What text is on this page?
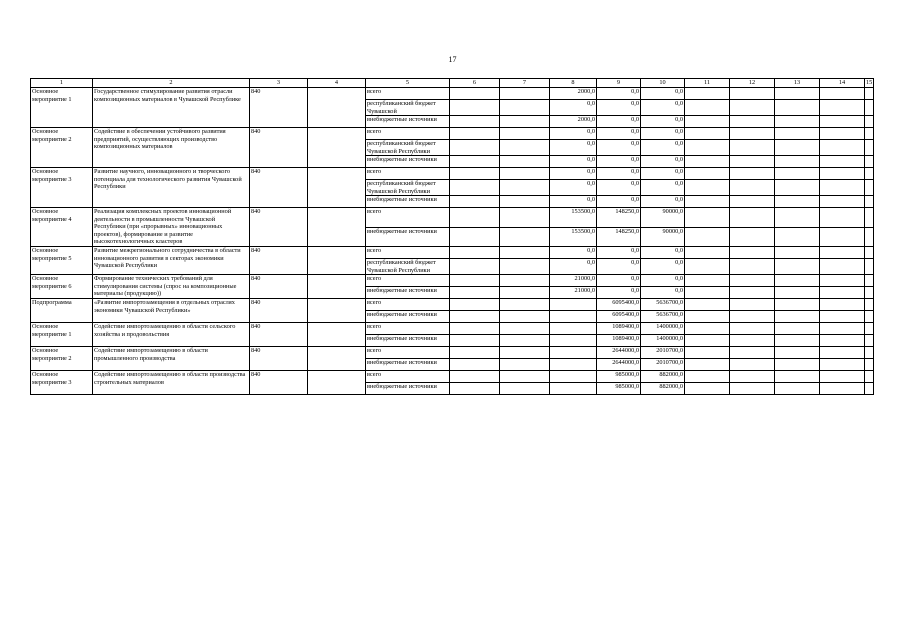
17
1	2	3	4	5	6	7	8	9	10	11	12	13	14	15
Основное мероприятие 1	Государственное стимулирование развития отрасли композиционных материалов в Чувашской Республике	840		всего			2000,0	0,0	0,0					
				республиканский бюджет Чувашской			0,0	0,0	0,0					
				внебюджетные источники			2000,0	0,0	0,0					
Основное мероприятие 2	Содействие в обеспечении устойчивого развития предприятий, осуществляющих производство композиционных материалов	840		всего			0,0	0,0	0,0					
				республиканский бюджет Чувашской Республики			0,0	0,0	0,0					
				внебюджетные источники			0,0	0,0	0,0					
Основное мероприятие 3	Развитие научного, инновационного и творческого потенциала для технологического развития Чувашской Республики	840		всего			0,0	0,0	0,0					
				республиканский бюджет Чувашской Республики			0,0	0,0	0,0					
				внебюджетные источники			0,0	0,0	0,0					
Основное мероприятие 4	Реализация комплексных проектов инновационной деятельности в промышленности Чувашской Республики (при «прорывных» инновационных проектов), формирование и развитие высокотехнологичных кластеров	840		всего			153500,0	148250,0	90000,0					
				внебюджетные источники			153500,0	148250,0	90000,0					
Основное мероприятие 5	Развитие межрегионального сотрудничества в области инновационного развития в секторах экономики Чувашской Республики	840		всего			0,0	0,0	0,0					
				республиканский бюджет Чувашской Республики			0,0	0,0	0,0					
Основное мероприятие 6	Формирование технических требований для стимулирования системы (спрос на композиционные материалы (продукцию))	840		всего			21000,0	0,0	0,0					
				внебюджетные источники			21000,0	0,0	0,0					
Подпрограмма	«Развитие импортозамещения в отдельных отраслях экономики Чувашской Республики»	840		всего				6095400,0	5636700,0					
				внебюджетные источники				6095400,0	5636700,0					
Основное мероприятие 1	Содействие импортозамещению в области сельского хозяйства и продовольствия	840		всего				1089400,0	1400000,0					
				внебюджетные источники				1089400,0	1400000,0					
Основное мероприятие 2	Содействие импортозамещению в области промышленного производства	840		всего				2644000,0	2010700,0					
				внебюджетные источники				2644000,0	2010700,0					
Основное мероприятие 3	Содействие импортозамещению в области производства строительных материалов	840		всего				985000,0	882000,0					
				внебюджетные источники				985000,0	882000,0					
